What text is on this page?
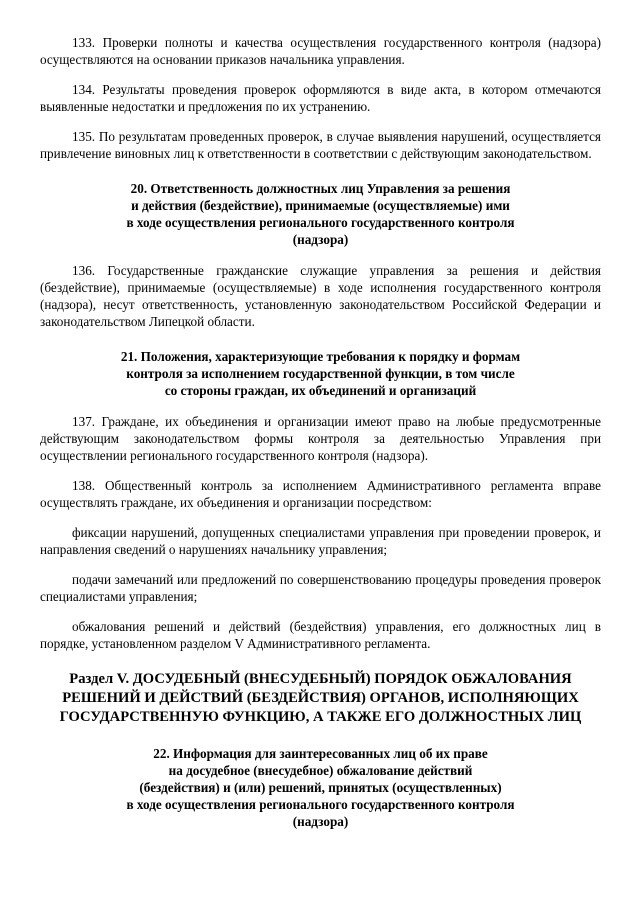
133. Проверки полноты и качества осуществления государственного контроля (надзора) осуществляются на основании приказов начальника управления.

134. Результаты проведения проверок оформляются в виде акта, в котором отмечаются выявленные недостатки и предложения по их устранению.

135. По результатам проведенных проверок, в случае выявления нарушений, осуществляется привлечение виновных лиц к ответственности в соответствии с действующим законодательством.

20. Ответственность должностных лиц Управления за решения
и действия (бездействие), принимаемые (осуществляемые) ими
в ходе осуществления регионального государственного контроля
(надзора)

136. Государственные гражданские служащие управления за решения и действия (бездействие), принимаемые (осуществляемые) в ходе исполнения государственного контроля (надзора), несут ответственность, установленную законодательством Российской Федерации и законодательством Липецкой области.

21. Положения, характеризующие требования к порядку и формам
контроля за исполнением государственной функции, в том числе
со стороны граждан, их объединений и организаций

137. Граждане, их объединения и организации имеют право на любые предусмотренные действующим законодательством формы контроля за деятельностью Управления при осуществлении регионального государственного контроля (надзора).

138. Общественный контроль за исполнением Административного регламента вправе осуществлять граждане, их объединения и организации посредством:

фиксации нарушений, допущенных специалистами управления при проведении проверок, и направления сведений о нарушениях начальнику управления;

подачи замечаний или предложений по совершенствованию процедуры проведения проверок специалистами управления;

обжалования решений и действий (бездействия) управления, его должностных лиц в порядке, установленном разделом V Административного регламента.

Раздел V. ДОСУДЕБНЫЙ (ВНЕСУДЕБНЫЙ) ПОРЯДОК ОБЖАЛОВАНИЯ
РЕШЕНИЙ И ДЕЙСТВИЙ (БЕЗДЕЙСТВИЯ) ОРГАНОВ, ИСПОЛНЯЮЩИХ
ГОСУДАРСТВЕННУЮ ФУНКЦИЮ, А ТАКЖЕ ЕГО ДОЛЖНОСТНЫХ ЛИЦ
22. Информация для заинтересованных лиц об их праве
на досудебное (внесудебное) обжалование действий
(бездействия) и (или) решений, принятых (осуществленных)
в ходе осуществления регионального государственного контроля
(надзора)
